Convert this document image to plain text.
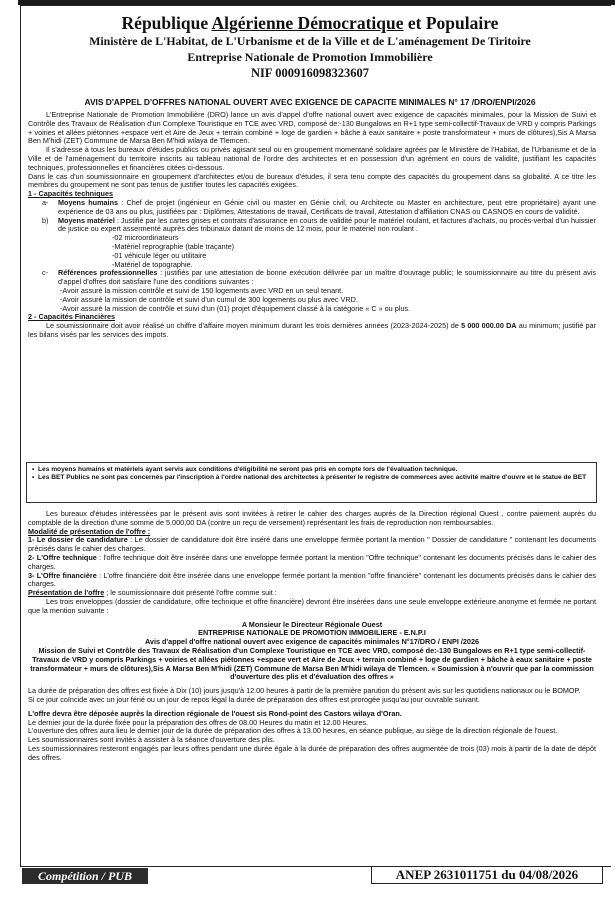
République Algérienne Démocratique et Populaire
Ministère de L'Habitat, de L'Urbanisme et de la Ville et de L'aménagement De Tiritoire
Entreprise Nationale de Promotion Immobilière
NIF 000916098323607
AVIS D'APPEL D'OFFRES NATIONAL OUVERT AVEC EXIGENCE DE CAPACITE MINIMALES N° 17 /DRO/ENPI/2026

L'Entreprise Nationale de Promotion Immobilière (DRO) lance un avis d'appel d'offre national ouvert avec exigence de capacités minimales, pour la Mission de Suivi et Contrôle des Travaux de Réalisation d'un Complexe Touristique en TCE avec VRD, composé de:-130 Bungalows en R+1 type semi-collectif-Travaux de VRD y compris Parkings + voiries et allées piétonnes +espace vert et Aire de Jeux + terrain combiné + loge de gardien + bâche à eaux sanitaire + poste transformateur + murs de clôtures),Sis A Marsa Ben M'hidi (ZET) Commune de Marsa Ben M'hidi wilaya de Tlemcen.

Il s'adresse à tous les bureaux d'études publics ou privés agisant seul ou en groupement momentané solidaire agrées par le Ministère de l'Habitat, de l'Urbanisme et de la Ville et de l'aménagement du territoire inscrits au tableau national de l'ordre des architectes et en possession d'un agrément en cours de validité, justifiant les capacités techniques, professionnelles et financières citées ci-dessous.

Dans le cas d'un soumissionnaire en groupement d'architectes et/ou de bureaux d'études, il sera tenu compte des capacités du groupement dans sa globalité. A ce titre les membres du groupement ne sont pas tenus de justifier toutes les capacités exigées.

1 - Capacités techniques

a-	Moyens humains : Chef de projet (ingénieur en Génie civil ou master en Génie civil, ou Architecte ou Master en architecture, peut etre propriétaire) ayant une expérience de 03 ans ou plus, justifiées par : Diplômes, Attestations de travail, Certificats de travail, Attestation d'affiliation CNAS ou CASNOS en cours de validité.
b)	Moyens matériel : Justifié par les cartes grises et contrats d'assurance en cours de validité pour le matériel roulant, et factures d'achats, ou procès-verbal d'un huissier de justice ou expert assermenté auprès des tribunaux datant de moins de 12 mois, pour le matériel non roulant .
-02 microordinateurs
-Matériel reprographie (table traçante)
-01 véhicule léger ou utilitaire
-Matériel de topographie.
c-	Références professionnelles : justifiés par une attestation de bonne exécution délivrée par un maître d'ouvrage public; le soumissionnaire au titre du présent avis d'appel d'offres doit satisfaire l'une des conditions suivantes :
-Avoir assuré la mission contrôle et suivi de 150 logements avec VRD en un seul tenant.
-Avoir assuré la mission de contrôle et suivi d'un cumul de 300 logements ou plus avec VRD.
-Avoir assuré la mission de contrôle et suivi d'un (01) projet d'équipement classé à la catégorie « C » ou plus.

2 - Capacités Financières

Le soumissionnaire doit avoir réalisé un chiffre d'affaire moyen minimum durant les trois dernières années (2023-2024-2025) de 5 000 000.00 DA au minimum; justifié par les bilans visés par les services des impots.

• Les moyens humains et matériels ayant servis aux conditions d'éligibilité ne seront pas pris en compte lors de l'évaluation technique.
• Les BET Publics ne sont pas concernés par l'inscription à l'ordre national des architectes à présenter le registre de commerces avec activité maître d'ouvre et le statue de BET

Les bureaux d'études intéressées par le présent avis sont invitées à retirer le cahier des charges auprès de la Direction régional Ouest , contre paiement auprès du comptable de la direction d'une somme de 5.000,00 DA (contre un reçu de versement) représentant les frais de reproduction non remboursables.

Modalité de présentation de l'offre :

1- Le dossier de candidature : Le dossier de candidature doit être inséré dans une enveloppe fermée portant la mention " Dossier de candidature " contenant les documents précisés dans le cahier des charges.

2- L'Offre technique : l'offre technique doit être insérée dans une enveloppe fermée portant la mention "Offre technique" contenant les documents précisés dans le cahier des charges.

3- L'Offre financière : L'offre financière doit être insérée dans une enveloppe fermée portant la mention "offre financière" contenant les documents précisés dans le cahier des charges.

Présentation de l'offre ; le soumissionnaire doit présenté l'offre comme suit :

Les trois enveloppes (dossier de candidature, offre technique et offre financière) devront être insérées dans une seule enveloppe extérieure anonyme et fermée ne portant que la mention suivante :

A Monsieur le Directeur Régionale Ouest
ENTREPRISE NATIONALE DE PROMOTION IMMOBILIERE - E.N.P.I
Avis d'appel d'offre national ouvert avec exigence de capacités minimales N°17/DRO / ENPI /2026
Mission de Suivi et Contrôle des Travaux de Réalisation d'un Complexe Touristique en TCE avec VRD, composé de:-130 Bungalows en R+1 type semi-collectif-Travaux de VRD y compris Parkings + voiries et allées piétonnes +espace vert et Aire de Jeux + terrain combiné + loge de gardien + bâche à eaux sanitaire + poste transformateur + murs de clôtures),Sis A Marsa Ben M'hidi (ZET) Commune de Marsa Ben M'hidi wilaya de Tlemcen. « Soumission à n'ouvrir que par la commission d'ouverture des plis et d'évaluation des offres »

La durée de préparation des offres est fixée à Dix (10) jours jusqu'à 12.00 heures à partir de la première parution du présent avis sur les quotidiens nationaux ou le BOMOP.

Si ce jour coïncide avec un jour férié ou un jour de repos légal la durée de préparation des offres est prorogée jusqu'au jour ouvrable suivant.

L'offre devra être déposée auprès la direction régionale de l'ouest sis Rond-point des Castors wilaya d'Oran.

Le dernier jour de la durée fixée pour la préparation des offres de 08.00 Heures du matin et 12.00 Heures.

L'ouverture des offres aura lieu le dernier jour de la durée de préparation des offres à 13.00 heures, en séance publique, au siège de la direction régionale de l'ouest.

Les soumissionnaires sont invités à assister à la séance d'ouverture des plis.

Les soumissionnaires resteront engagés par leurs offres pendant une durée égale à la durée de préparation des offres augmentée de trois (03) mois à partir de la date de dépôt des offres.

Compétition / PUB	ANEP 2631011751 du 04/08/2026
